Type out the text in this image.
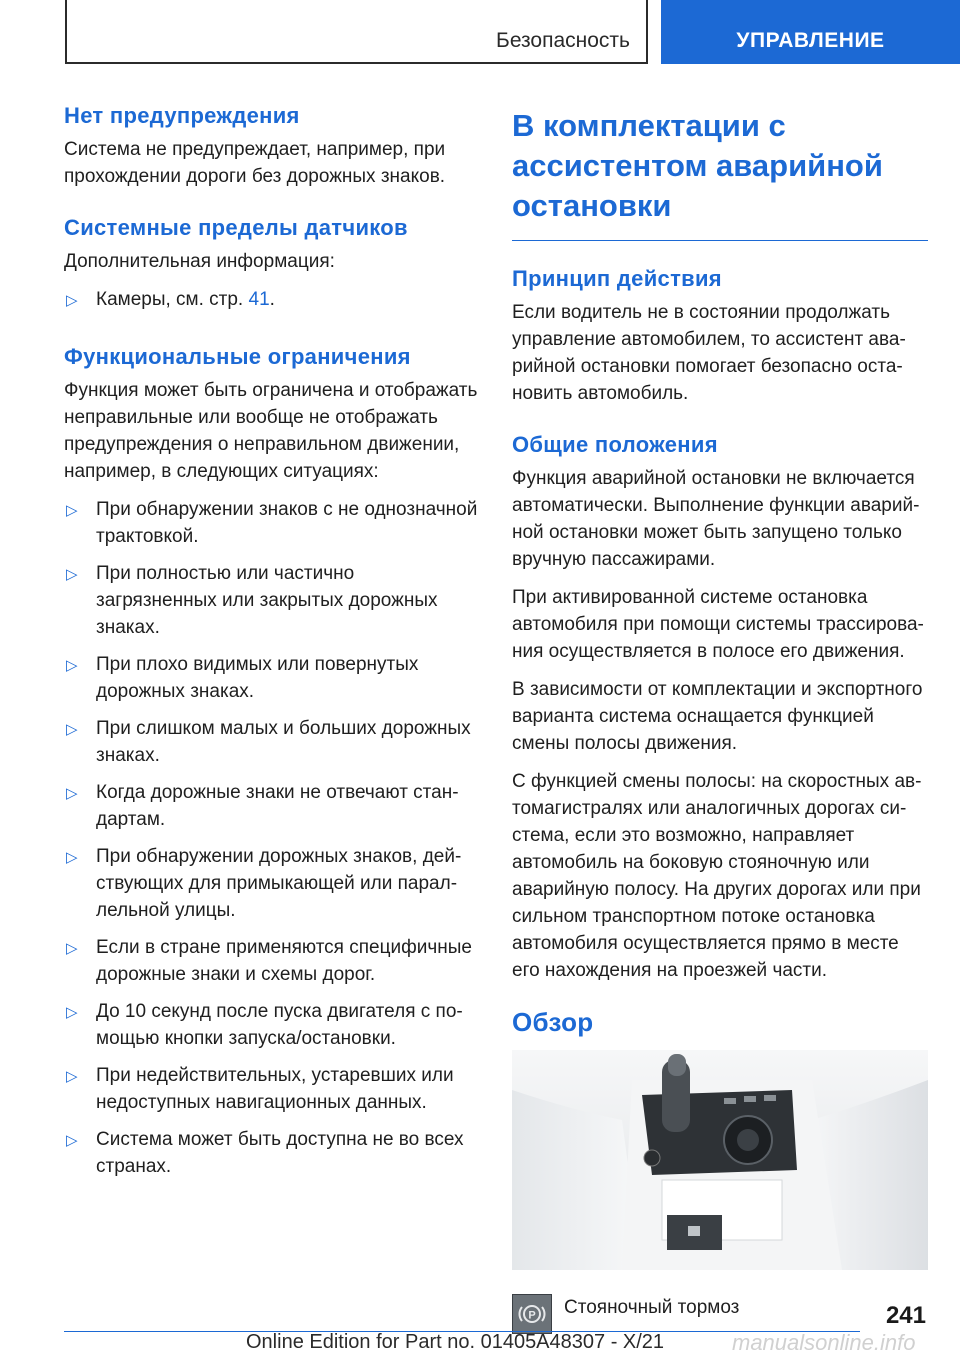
Безопасность	УПРАВЛЕНИЕ
Нет предупреждения

Система не предупреждает, например, при прохождении дороги без дорожных знаков.

Системные пределы датчиков

Дополнительная информация:

▷ Камеры, см. стр. 41.
Функциональные ограничения

Функция может быть ограничена и отображать неправильные или вообще не отображать предупреждения о неправильном движении, например, в следующих ситуациях:

▷ При обнаружении знаков с не однозначной трактовкой.
▷ При полностью или частично загрязненных или закрытых дорожных знаках.
▷ При плохо видимых или повернутых дорожных знаках.
▷ При слишком малых и больших дорожных знаках.
▷ Когда дорожные знаки не отвечают стандартам.
▷ При обнаружении дорожных знаков, действующих для примыкающей или параллельной улицы.
▷ Если в стране применяются специфичные дорожные знаки и схемы дорог.
▷ До 10 секунд после пуска двигателя с помощью кнопки запуска/остановки.
▷ При недействительных, устаревших или недоступных навигационных данных.
▷ Система может быть доступна не во всех странах.
В комплектации с ассистентом аварийной остановки
Принцип действия

Если водитель не в состоянии продолжать управление автомобилем, то ассистент аварийной остановки помогает безопасно остановить автомобиль.

Общие положения

Функция аварийной остановки не включается автоматически. Выполнение функции аварийной остановки может быть запущено только вручную пассажирами.

При активированной системе остановка автомобиля при помощи системы трассирования осуществляется в полосе его движения.

В зависимости от комплектации и экспортного варианта система оснащается функцией смены полосы движения.

С функцией смены полосы: на скоростных автомагистралях или аналогичных дорогах система, если это возможно, направляет автомобиль на боковую стояночную или аварийную полосу. На других дорогах или при сильном транспортном потоке остановка автомобиля осуществляется прямо в месте его нахождения на проезжей части.

Обзор
P Стояночный тормоз	241
Online Edition for Part no. 01405A48307 - X/21	manualsonline.info
